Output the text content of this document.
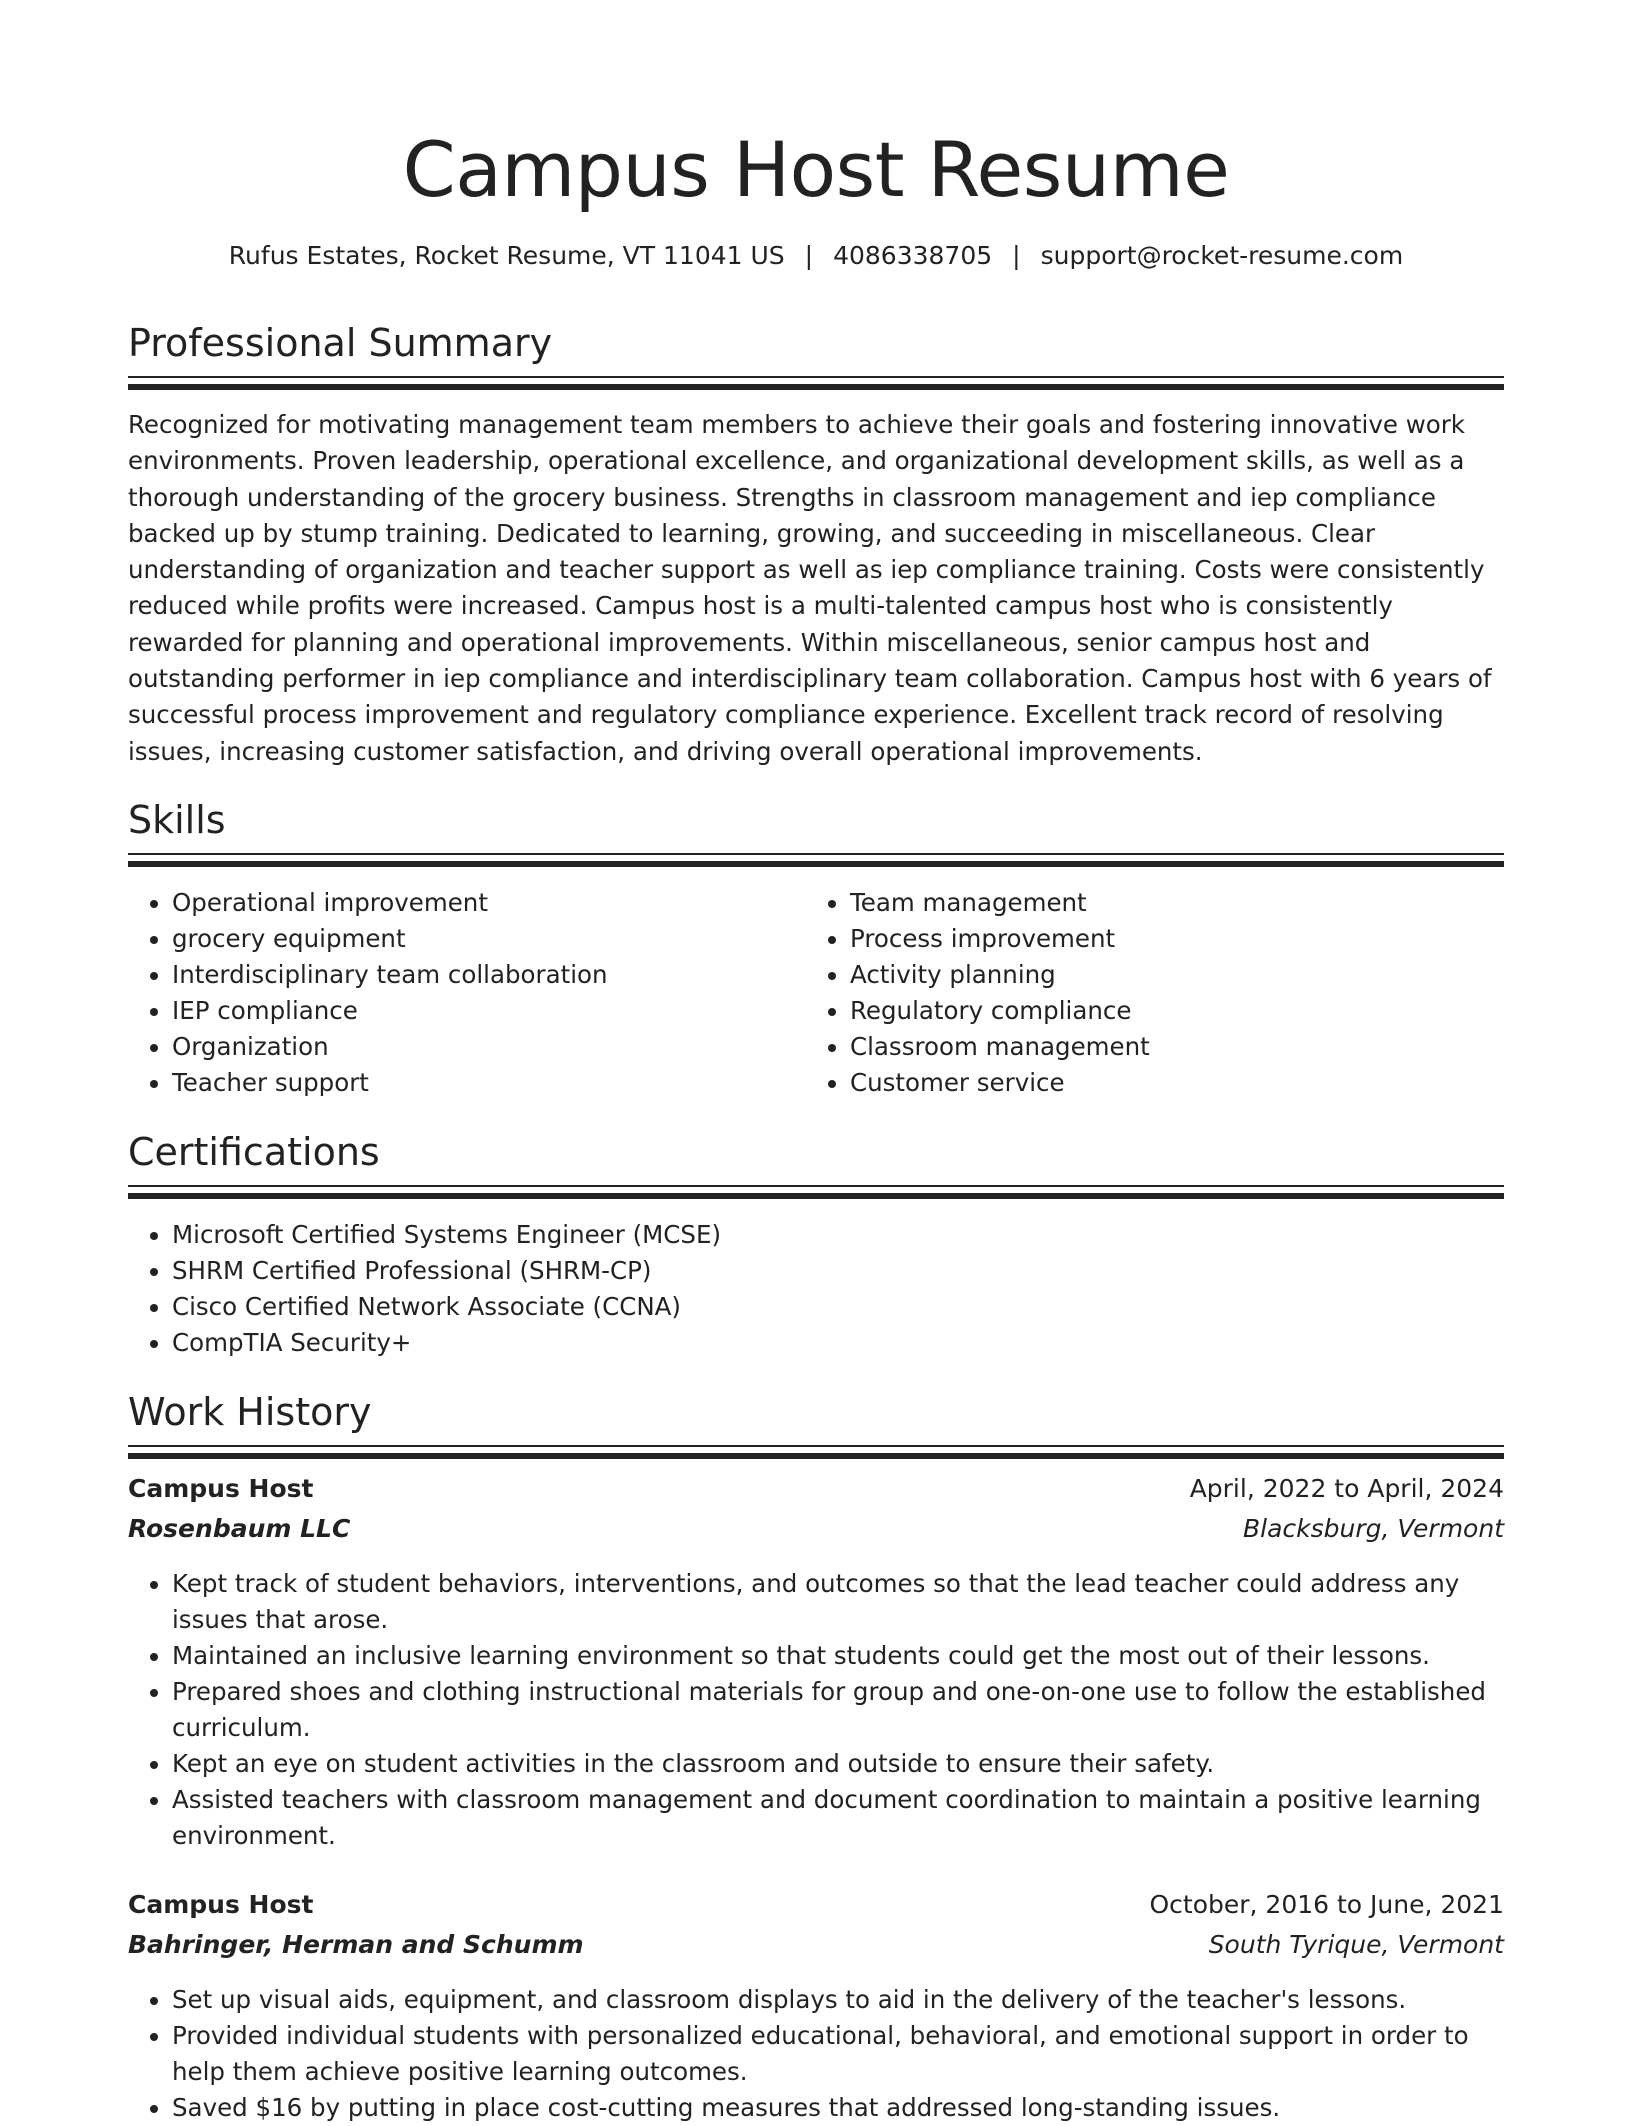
Campus Host Resume
Rufus Estates, Rocket Resume, VT 11041 US | 4086338705 | support@rocket-resume.com
Professional Summary

Recognized for motivating management team members to achieve their goals and fostering innovative work environments. Proven leadership, operational excellence, and organizational development skills, as well as a thorough understanding of the grocery business. Strengths in classroom management and iep compliance backed up by stump training. Dedicated to learning, growing, and succeeding in miscellaneous. Clear understanding of organization and teacher support as well as iep compliance training. Costs were consistently reduced while profits were increased. Campus host is a multi-talented campus host who is consistently rewarded for planning and operational improvements. Within miscellaneous, senior campus host and outstanding performer in iep compliance and interdisciplinary team collaboration. Campus host with 6 years of successful process improvement and regulatory compliance experience. Excellent track record of resolving issues, increasing customer satisfaction, and driving overall operational improvements.

Skills
• Operational improvement
• grocery equipment
• Interdisciplinary team collaboration
• IEP compliance
• Organization
• Teacher support
• Team management
• Process improvement
• Activity planning
• Regulatory compliance
• Classroom management
• Customer service
Certifications
• Microsoft Certified Systems Engineer (MCSE)
• SHRM Certified Professional (SHRM-CP)
• Cisco Certified Network Associate (CCNA)
• CompTIA Security+
Work History
Campus Host	April, 2022 to April, 2024
Rosenbaum LLC	Blacksburg, Vermont
• Kept track of student behaviors, interventions, and outcomes so that the lead teacher could address any issues that arose.
• Maintained an inclusive learning environment so that students could get the most out of their lessons.
• Prepared shoes and clothing instructional materials for group and one-on-one use to follow the established curriculum.
• Kept an eye on student activities in the classroom and outside to ensure their safety.
• Assisted teachers with classroom management and document coordination to maintain a positive learning environment.
Campus Host	October, 2016 to June, 2021
Bahringer, Herman and Schumm	South Tyrique, Vermont
• Set up visual aids, equipment, and classroom displays to aid in the delivery of the teacher's lessons.
• Provided individual students with personalized educational, behavioral, and emotional support in order to help them achieve positive learning outcomes.
• Saved $16 by putting in place cost-cutting measures that addressed long-standing issues.
